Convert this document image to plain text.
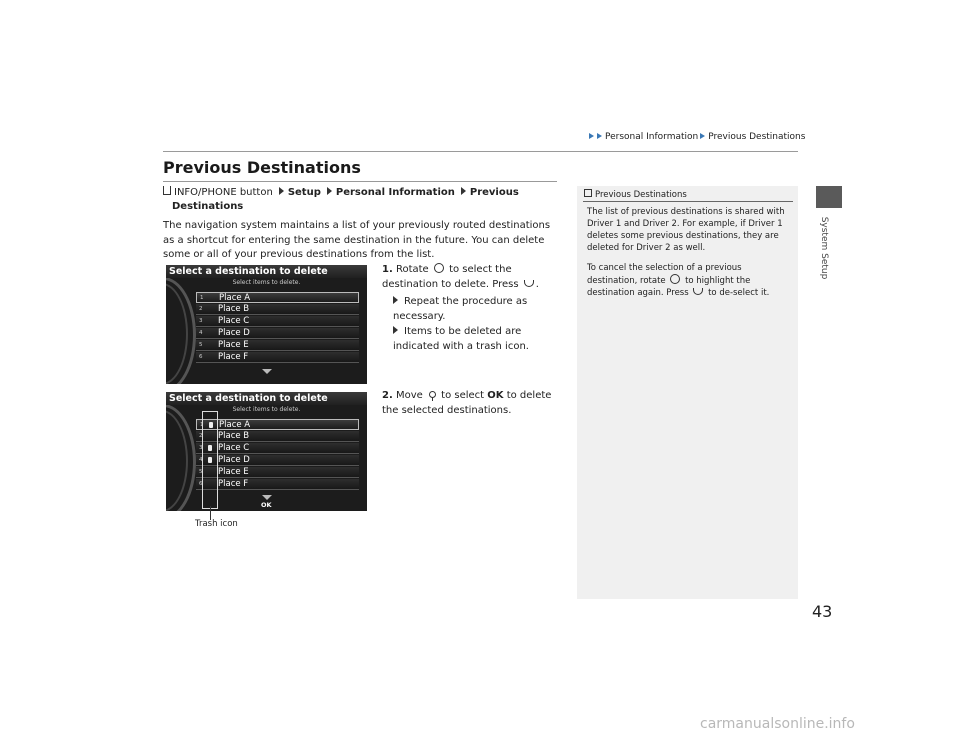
Personal Information Previous Destinations
System Setup
43
Previous Destinations
INFO/PHONE button Setup Personal Information Previous
Destinations
The navigation system maintains a list of your previously routed destinations as a shortcut for entering the same destination in the future. You can delete some or all of your previous destinations from the list.
1. Rotate to select the destination to delete. Press .
Repeat the procedure as necessary.
Items to be deleted are indicated with a trash icon.
2. Move to select OK to delete the selected destinations.
Select a destination to delete
Select items to delete.
1 Place A
2 Place B
3 Place C
4 Place D
5 Place E
6 Place F
Select a destination to delete
Select items to delete.
1 Place A
2 Place B
3 Place C
4 Place D
5 Place E
6 Place F
OK
Trash icon
Previous Destinations
The list of previous destinations is shared with Driver 1 and Driver 2. For example, if Driver 1 deletes some previous destinations, they are deleted for Driver 2 as well.
To cancel the selection of a previous destination, rotate to highlight the destination again. Press to de-select it.
carmanualsonline.info
